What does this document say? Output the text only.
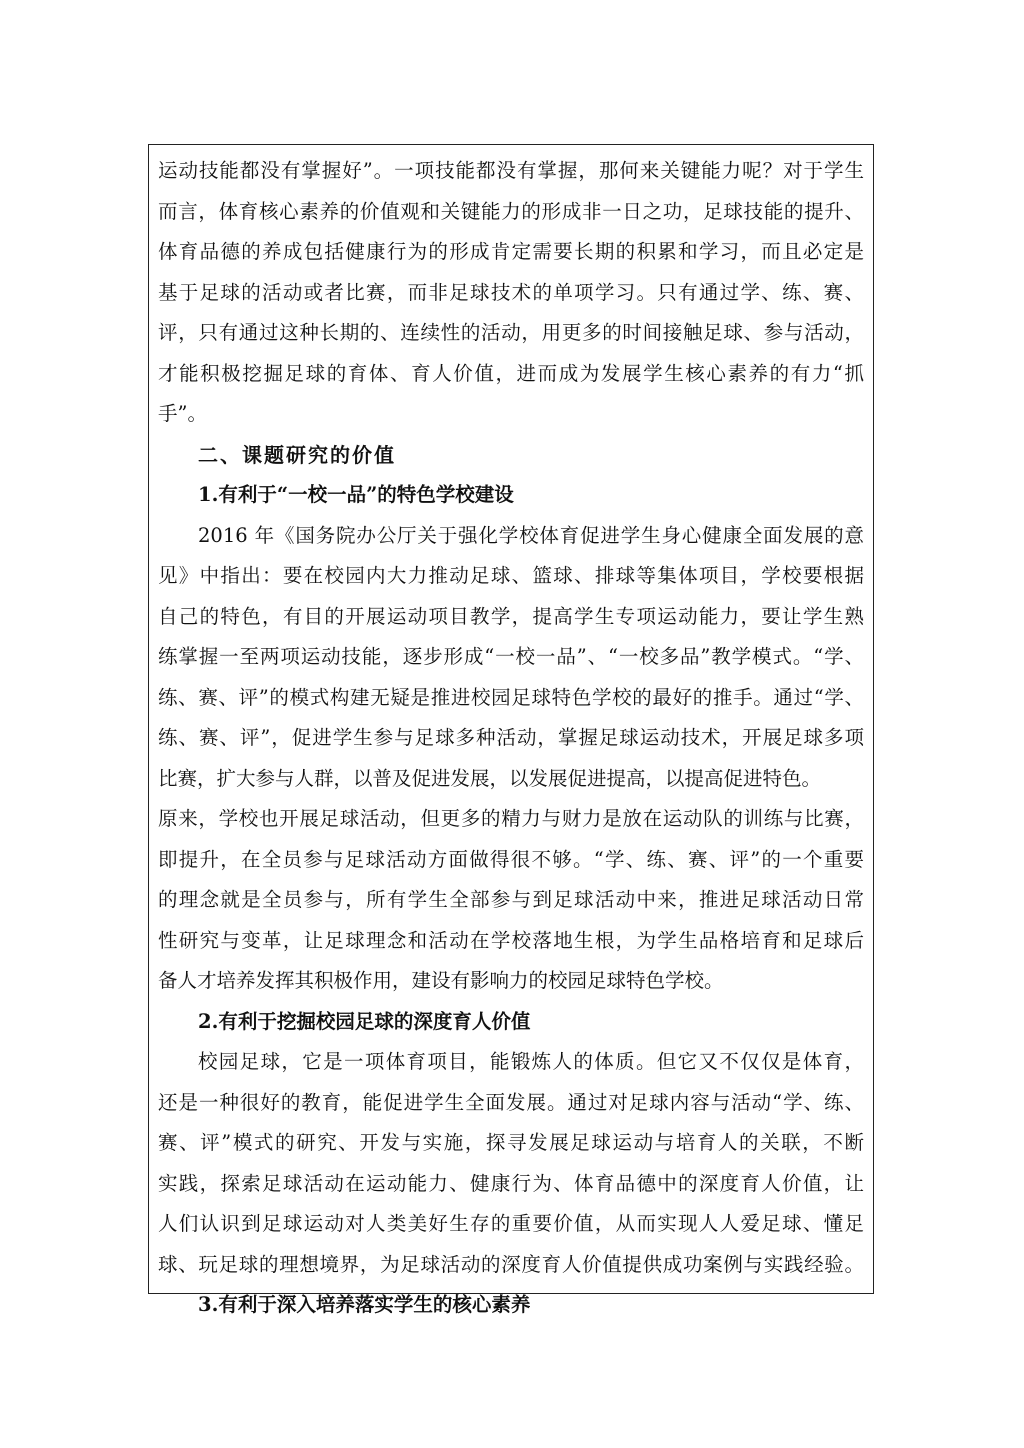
运动技能都没有掌握好”。一项技能都没有掌握，那何来关键能力呢？对于学生
而言，体育核心素养的价值观和关键能力的形成非一日之功，足球技能的提升、
体育品德的养成包括健康行为的形成肯定需要长期的积累和学习，而且必定是
基于足球的活动或者比赛，而非足球技术的单项学习。只有通过学、练、赛、
评，只有通过这种长期的、连续性的活动，用更多的时间接触足球、参与活动，
才能积极挖掘足球的育体、育人价值，进而成为发展学生核心素养的有力“抓
手”。
二、课题研究的价值
1.有利于“一校一品”的特色学校建设
2016 年《国务院办公厅关于强化学校体育促进学生身心健康全面发展的意
见》中指出：要在校园内大力推动足球、篮球、排球等集体项目，学校要根据
自己的特色，有目的开展运动项目教学，提高学生专项运动能力，要让学生熟
练掌握一至两项运动技能，逐步形成“一校一品”、“一校多品”教学模式。“学、
练、赛、评”的模式构建无疑是推进校园足球特色学校的最好的推手。通过“学、
练、赛、评”，促进学生参与足球多种活动，掌握足球运动技术，开展足球多项
比赛，扩大参与人群，以普及促进发展，以发展促进提高，以提高促进特色。
原来，学校也开展足球活动，但更多的精力与财力是放在运动队的训练与比赛，
即提升，在全员参与足球活动方面做得很不够。“学、练、赛、评”的一个重要
的理念就是全员参与，所有学生全部参与到足球活动中来，推进足球活动日常
性研究与变革，让足球理念和活动在学校落地生根，为学生品格培育和足球后
备人才培养发挥其积极作用，建设有影响力的校园足球特色学校。
2.有利于挖掘校园足球的深度育人价值
校园足球，它是一项体育项目，能锻炼人的体质。但它又不仅仅是体育，
还是一种很好的教育，能促进学生全面发展。通过对足球内容与活动“学、练、
赛、评”模式的研究、开发与实施，探寻发展足球运动与培育人的关联，不断
实践，探索足球活动在运动能力、健康行为、体育品德中的深度育人价值，让
人们认识到足球运动对人类美好生存的重要价值，从而实现人人爱足球、懂足
球、玩足球的理想境界，为足球活动的深度育人价值提供成功案例与实践经验。
3.有利于深入培养落实学生的核心素养
